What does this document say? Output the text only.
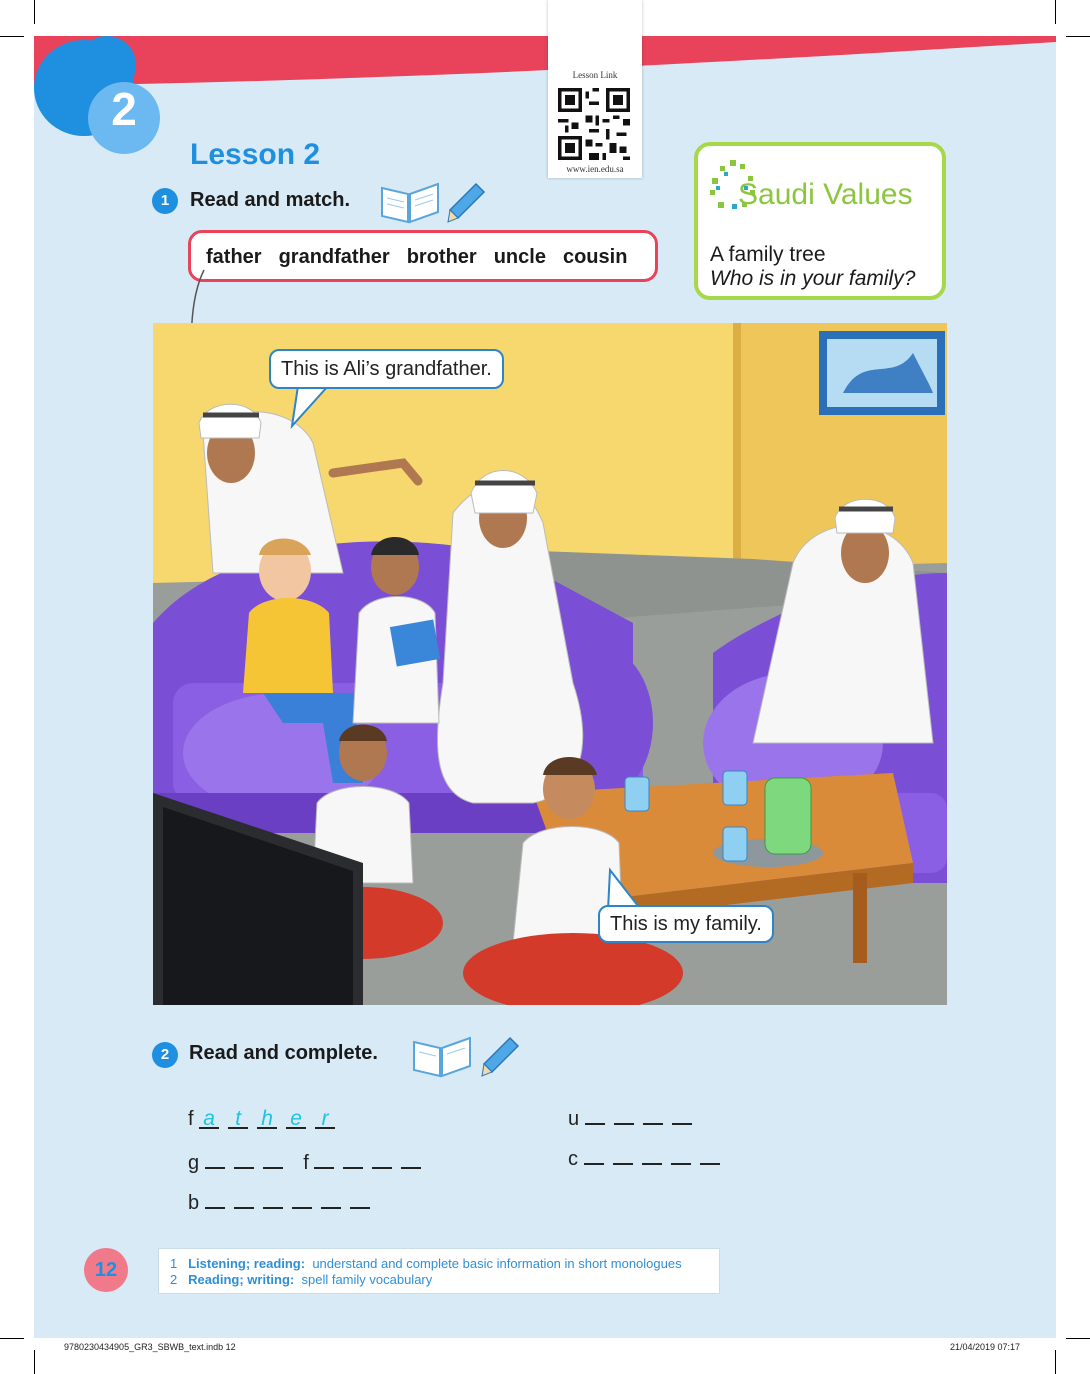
2
Lesson Link
www.ien.edu.sa
Lesson 2
1	Read and match.
father grandfather brother uncle cousin
Saudi Values
A family tree
Who is in your family?
This is Ali’s grandfather.
This is my family.
2 Read and complete.
f a t h e r	u
g	f	c
b
12	1 Listening; reading: understand and complete basic information in short monologues
2 Reading; writing: spell family vocabulary
9780230434905_GR3_SBWB_text.indb 12	21/04/2019 07:17
